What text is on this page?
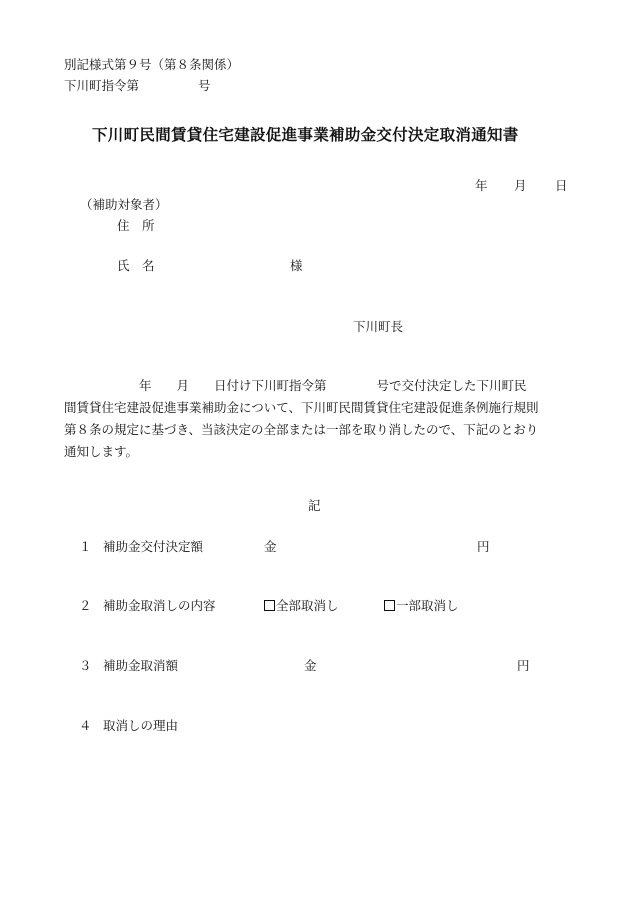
別記様式第９号（第８条関係）
下川町指令第	号
下川町民間賃貸住宅建設促進事業補助金交付決定取消通知書
年 月 日
（補助対象者）
住　所
氏　名	様
下川町長
　　　　　　年　　月　　日付け下川町指令第　　　　号で交付決定した下川町民
間賃貸住宅建設促進事業補助金について、下川町民間賃貸住宅建設促進条例施行規則
第８条の規定に基づき、当該決定の全部または一部を取り消したので、下記のとおり
通知します。
記
１ 補助金交付決定額	金	円
２ 補助金取消しの内容	全部取消し	一部取消し
３ 補助金取消額	金	円
４ 取消しの理由
